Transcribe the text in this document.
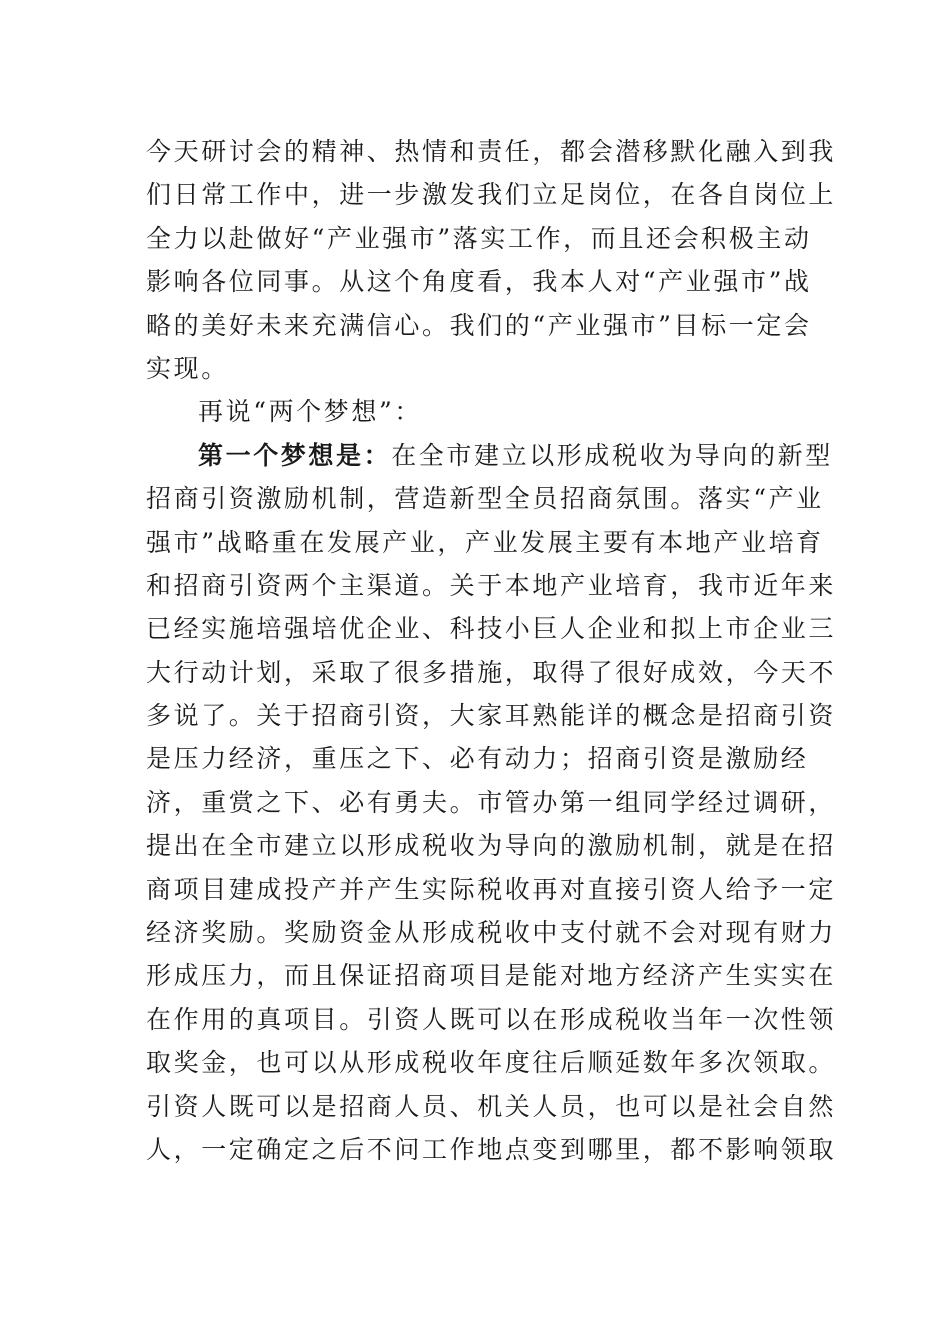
今天研讨会的精神、热情和责任，都会潜移默化融入到我
们日常工作中，进一步激发我们立足岗位，在各自岗位上
全力以赴做好“产业强市”落实工作，而且还会积极主动
影响各位同事。从这个角度看，我本人对“产业强市”战
略的美好未来充满信心。我们的“产业强市”目标一定会
实现。
再说“两个梦想”：
第一个梦想是：在全市建立以形成税收为导向的新型
招商引资激励机制，营造新型全员招商氛围。落实“产业
强市”战略重在发展产业，产业发展主要有本地产业培育
和招商引资两个主渠道。关于本地产业培育，我市近年来
已经实施培强培优企业、科技小巨人企业和拟上市企业三
大行动计划，采取了很多措施，取得了很好成效，今天不
多说了。关于招商引资，大家耳熟能详的概念是招商引资
是压力经济，重压之下、必有动力；招商引资是激励经
济，重赏之下、必有勇夫。市管办第一组同学经过调研，
提出在全市建立以形成税收为导向的激励机制，就是在招
商项目建成投产并产生实际税收再对直接引资人给予一定
经济奖励。奖励资金从形成税收中支付就不会对现有财力
形成压力，而且保证招商项目是能对地方经济产生实实在
在作用的真项目。引资人既可以在形成税收当年一次性领
取奖金，也可以从形成税收年度往后顺延数年多次领取。
引资人既可以是招商人员、机关人员，也可以是社会自然
人，一定确定之后不问工作地点变到哪里，都不影响领取
